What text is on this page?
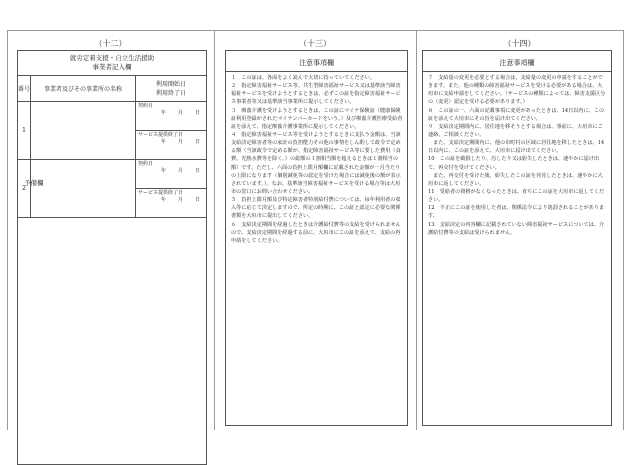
（十二）	（十三）	（十四）
就労定着支援・自立生活援助
事業者記入欄		

番号	事業者及びその事業所の名称	利用開始日
利用終了日

1		契約日
年 月 日

		サービス提供終了日
年 月 日

2		契約日
年 月 日

		サービス提供終了日
年 月 日

予備欄
注意事項欄

１　この証は、各面をよく読んで大切に持っていてください。

２　指定障害福祉サービス等、共生型障害福祉サービス又は基準該当障害福祉サービスを受けようとするときは、必ずこの証を指定障害福祉サービス事業者等又は基準該当事業所に提示してください。

３　療養介護を受けようとするときは、この証にマイナ保険証（健康保険証利用登録がされたマイナンバーカードをいう。）及び療養介護医療受給者証を添えて、指定療養介護事業所に提示してください。

４　指定障害福祉サービス等を受けようとするときに支払う金額は、当該支給決定障害者等の家計の負担能力その他の事情をしん酌して政令で定める額（当該政令で定める額が、指定障害福祉サービス等に要した費用（食費、光熱水費等を除く。）の総額の１割相当額を超えるときは１割相当の額）です。ただし、六面の負担上限月額欄に記載された金額が一月当たりの上限になります（個別減免等の認定を受けた場合には減免後の額が表示されています。）。なお、基準該当障害福祉サービスを受ける場合等は大垣市の窓口にお問い合わせください。

５　負担上限月額及び特定障害者特別給付費については、毎年利用者の収入等に応じて決定しますので、所定の時期に、この証と認定に必要な関係書類を大垣市に提出してください。

６　支給決定期間を経過したときは介護給付費等の支給を受けられませんので、支給決定期間を経過する前に、大垣市にこの証を添えて、支給の再申請をしてください。

注意事項欄

７　支給量の変更を必要とする場合は、支給量の変更の申請をすることができます。また、他の種類の障害福祉サービスを受ける必要がある場合は、大垣市に支給申請をしてください。（サービスの種類によっては、障害支援区分の（変更）認定を受ける必要があります。）

８　この証の一、六面の記載事項に変更があったときは、14日以内に、この証を添えて大垣市にその旨を届け出てください。

９　支給決定期間内に、居住地を移そうとする場合は、事前に、大垣市にご連絡、ご相談ください。

　また、支給決定期間内に、他の市町村の区域に居住地を移したときは、14日以内に、この証を添えて、大垣市に届け出てください。

10　この証を破損したり、汚したり又は紛失したときは、速やかに届け出て、再交付を受けてください。

　また、再交付を受けた後、紛失したこの証を発見したときは、速やかに大垣市に返してください。

11　受給者の資格がなくなったときは、直ちにこの証を大垣市に返してください。

12　不正にこの証を使用した者は、関係法令により処罰されることがあります。

13　支給決定の内容欄に記載されていない障害福祉サービスについては、介護給付費等の支給は受けられません。
